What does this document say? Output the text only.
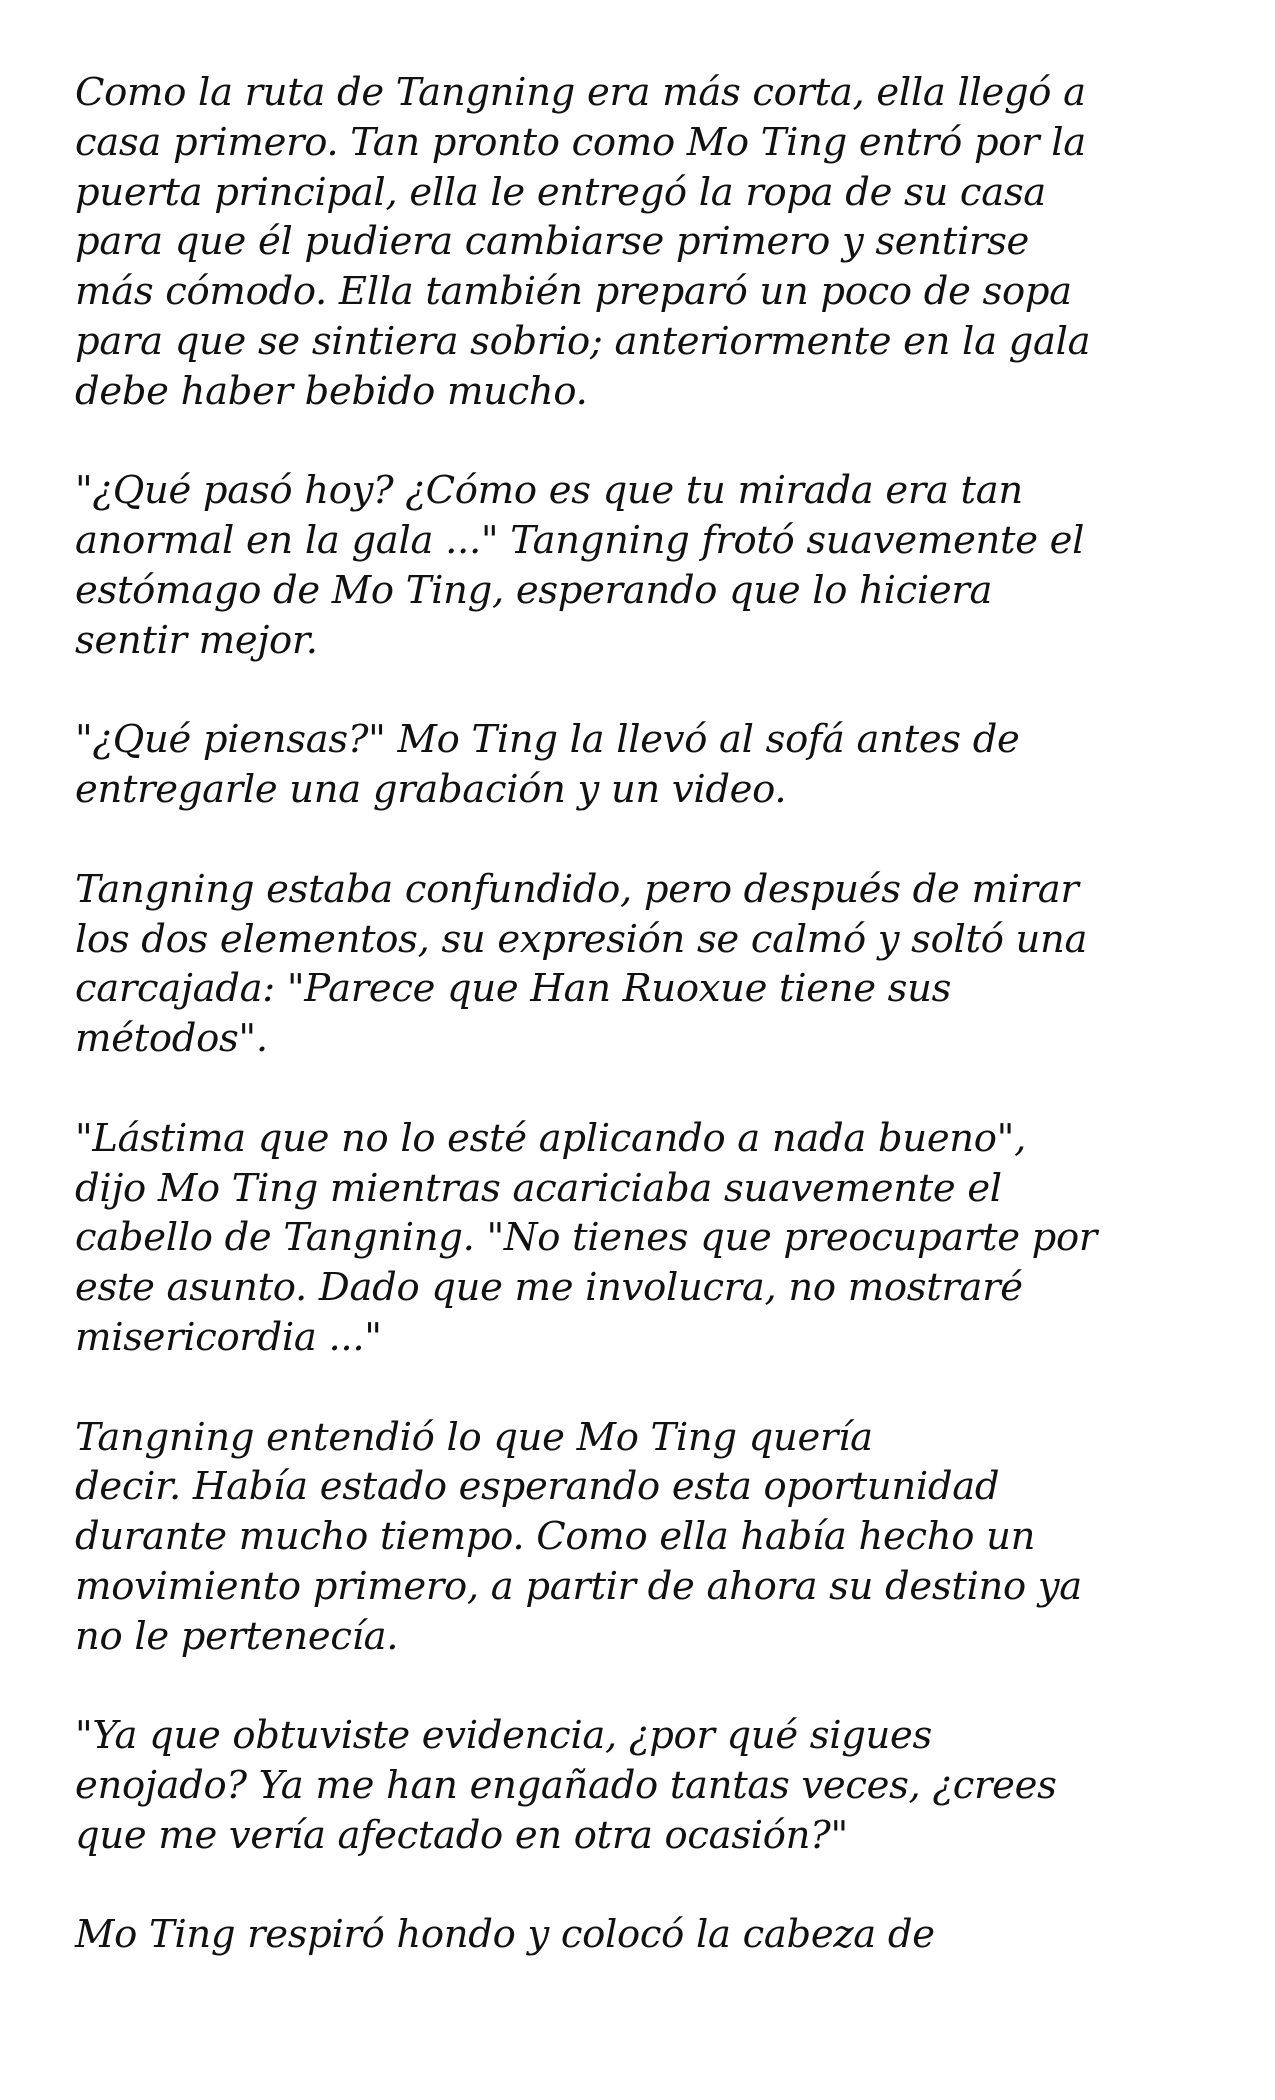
Como la ruta de Tangning era más corta, ella llegó a
casa primero. Tan pronto como Mo Ting entró por la
puerta principal, ella le entregó la ropa de su casa
para que él pudiera cambiarse primero y sentirse
más cómodo. Ella también preparó un poco de sopa
para que se sintiera sobrio; anteriormente en la gala
debe haber bebido mucho.

"¿Qué pasó hoy? ¿Cómo es que tu mirada era tan
anormal en la gala ..." Tangning frotó suavemente el
estómago de Mo Ting, esperando que lo hiciera
sentir mejor.

"¿Qué piensas?" Mo Ting la llevó al sofá antes de
entregarle una grabación y un video.

Tangning estaba confundido, pero después de mirar
los dos elementos, su expresión se calmó y soltó una
carcajada: "Parece que Han Ruoxue tiene sus
métodos".

"Lástima que no lo esté aplicando a nada bueno",
dijo Mo Ting mientras acariciaba suavemente el
cabello de Tangning. "No tienes que preocuparte por
este asunto. Dado que me involucra, no mostraré
misericordia ..."

Tangning entendió lo que Mo Ting quería
decir. Había estado esperando esta oportunidad
durante mucho tiempo. Como ella había hecho un
movimiento primero, a partir de ahora su destino ya
no le pertenecía.

"Ya que obtuviste evidencia, ¿por qué sigues
enojado? Ya me han engañado tantas veces, ¿crees
que me vería afectado en otra ocasión?"

Mo Ting respiró hondo y colocó la cabeza de
